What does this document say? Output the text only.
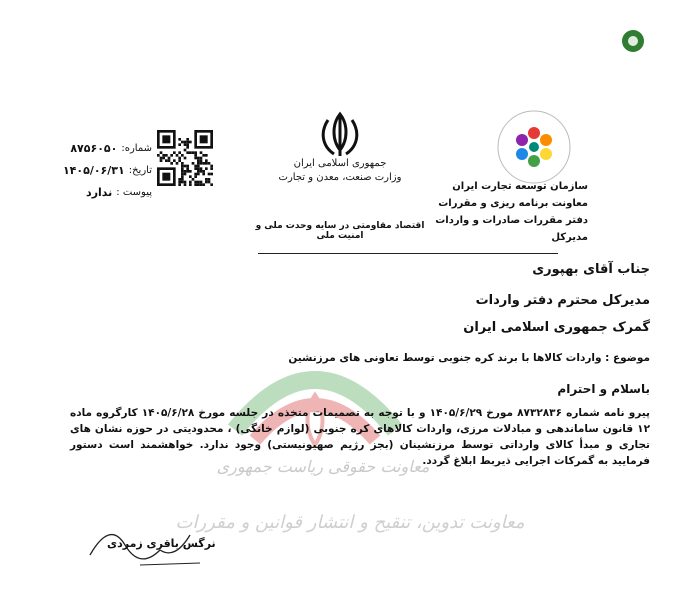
جمهوری اسلامی ایران
وزارت صنعت، معدن و تجارت
سازمان توسعه تجارت ایران
معاونت برنامه ریزی و مقررات
دفتر مقررات صادرات و واردات
مدیرکل
شماره:
۸۷۵۶۰۵۰
تاریخ:
۱۴۰۵/۰۶/۳۱
پیوست :
ندارد
اقتصاد مقاومتی در سایه وحدت ملی و امنیت ملی
جناب آقای بهپوری
مدیرکل محترم دفتر واردات
گمرک جمهوری اسلامی ایران
موضوع : واردات کالاها با برند کره جنوبی توسط تعاونی های مرزنشین
باسلام و احترام
پیرو نامه شماره ۸۷۳۲۸۳۶ مورخ ۱۴۰۵/۶/۲۹ و با توجه به تصمیمات متخذه در جلسه مورخ ۱۴۰۵/۶/۲۸ کارگروه ماده ۱۲ قانون ساماندهی و مبادلات مرزی، واردات کالاهای کره جنوبی (لوازم خانگی) ، محدودیتی در حوزه نشان های تجاری و مبدأ کالای وارداتی توسط مرزنشینان (بجز رژیم صهیونیستی) وجود ندارد. خواهشمند است دستور فرمایید به گمرکات اجرایی ذیربط ابلاغ گردد.
معاونت حقوقی ریاست جمهوری
معاونت تدوین، تنقیح و انتشار قوانین و مقررات
نرگس باقری زمردی
